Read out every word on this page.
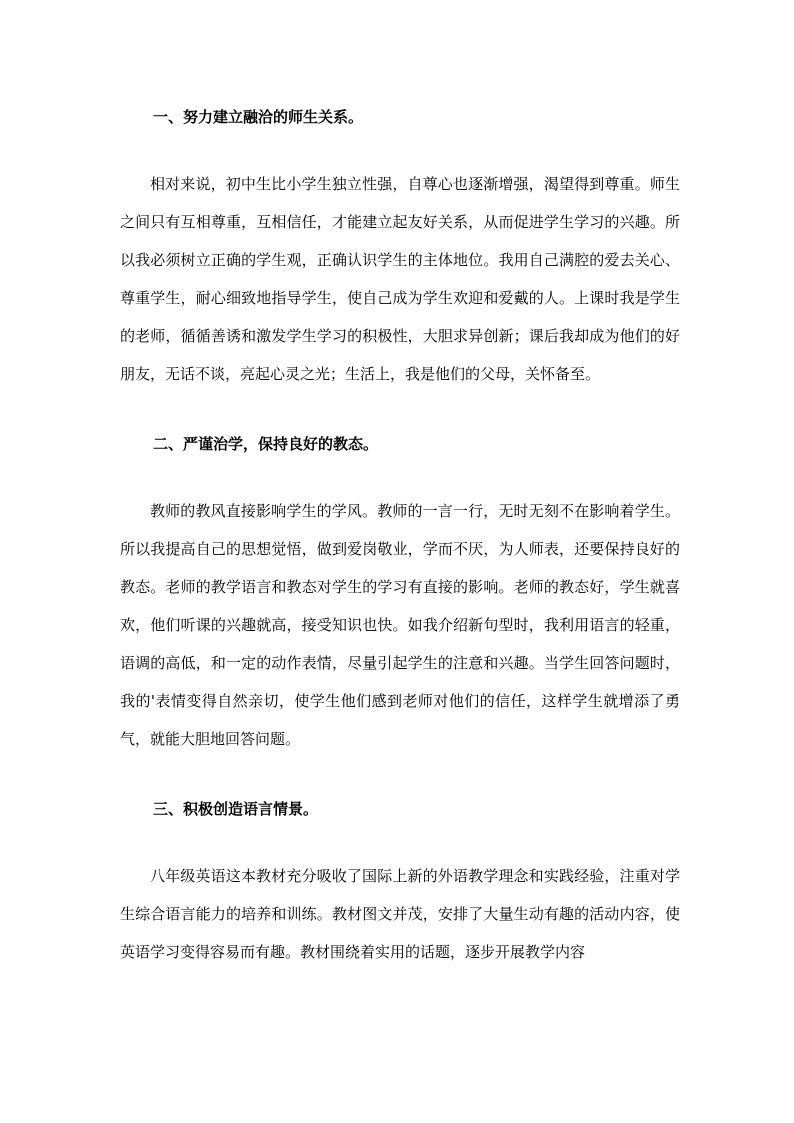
一、努力建立融洽的师生关系。

相对来说，初中生比小学生独立性强，自尊心也逐渐增强，渴望得到尊重。师生之间只有互相尊重，互相信任，才能建立起友好关系，从而促进学生学习的兴趣。所以我必须树立正确的学生观，正确认识学生的主体地位。我用自己满腔的爱去关心、尊重学生，耐心细致地指导学生，使自己成为学生欢迎和爱戴的人。上课时我是学生的老师，循循善诱和激发学生学习的积极性，大胆求异创新；课后我却成为他们的好朋友，无话不谈，亮起心灵之光；生活上，我是他们的父母，关怀备至。

二、严谨治学，保持良好的教态。

教师的教风直接影响学生的学风。教师的一言一行，无时无刻不在影响着学生。所以我提高自己的思想觉悟，做到爱岗敬业，学而不厌，为人师表，还要保持良好的教态。老师的教学语言和教态对学生的学习有直接的影响。老师的教态好，学生就喜欢，他们听课的兴趣就高，接受知识也快。如我介绍新句型时，我利用语言的轻重，语调的高低，和一定的动作表情，尽量引起学生的注意和兴趣。当学生回答问题时，我的'表情变得自然亲切，使学生他们感到老师对他们的信任，这样学生就增添了勇气，就能大胆地回答问题。

三、积极创造语言情景。

八年级英语这本教材充分吸收了国际上新的外语教学理念和实践经验，注重对学生综合语言能力的培养和训练。教材图文并茂，安排了大量生动有趣的活动内容，使英语学习变得容易而有趣。教材围绕着实用的话题，逐步开展教学内容
